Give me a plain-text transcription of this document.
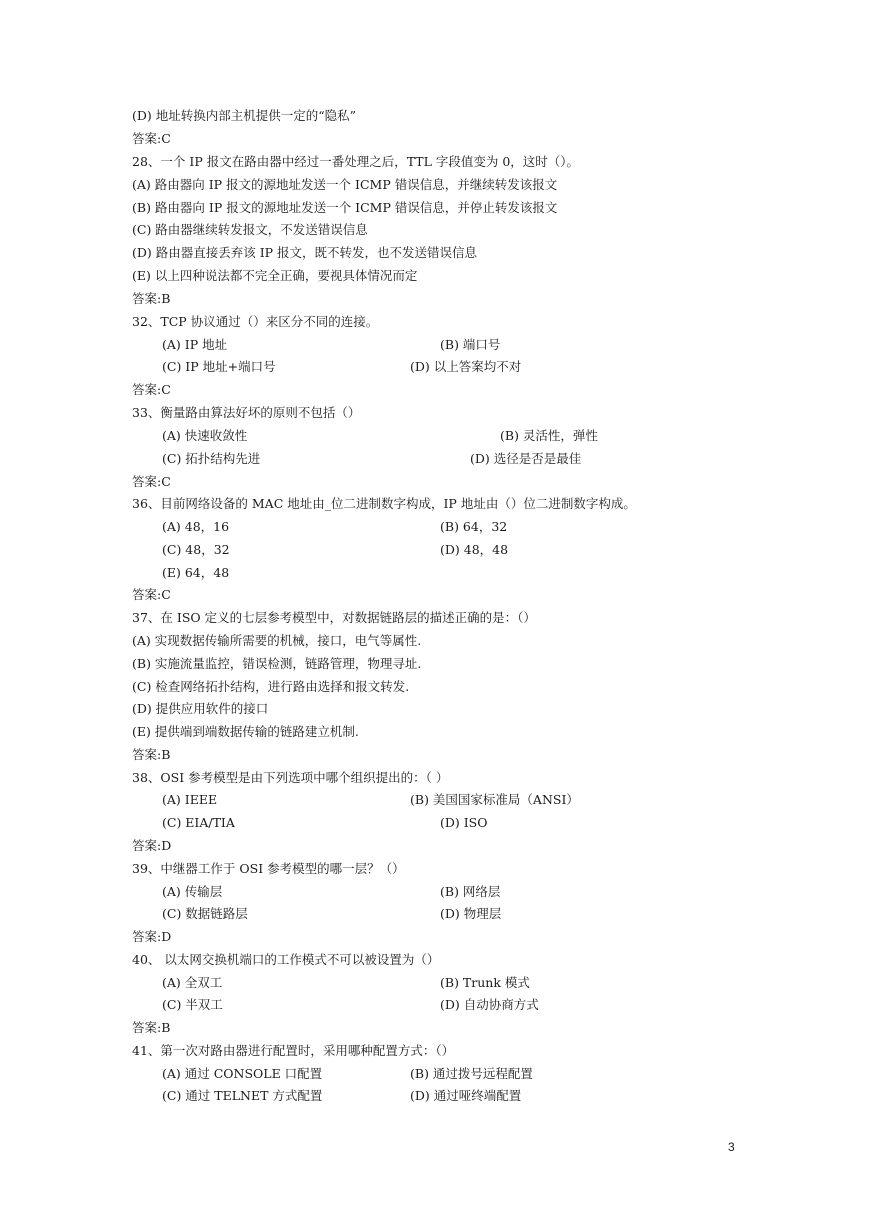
(D) 地址转换内部主机提供一定的“隐私”
答案:C
28、一个 IP 报文在路由器中经过一番处理之后，TTL 字段值变为 0，这时（）。
(A) 路由器向 IP 报文的源地址发送一个 ICMP 错误信息，并继续转发该报文
(B) 路由器向 IP 报文的源地址发送一个 ICMP 错误信息，并停止转发该报文
(C) 路由器继续转发报文，不发送错误信息
(D) 路由器直接丢弃该 IP 报文，既不转发，也不发送错误信息
(E) 以上四种说法都不完全正确，要视具体情况而定
答案:B
32、TCP 协议通过（）来区分不同的连接。
(A) IP 地址	(B) 端口号
(C) IP 地址+端口号	(D) 以上答案均不对
答案:C
33、衡量路由算法好坏的原则不包括（）
(A) 快速收敛性	(B) 灵活性，弹性
(C) 拓扑结构先进	(D) 选径是否是最佳
答案:C
36、目前网络设备的 MAC 地址由_位二进制数字构成，IP 地址由（）位二进制数字构成。
(A) 48，16	(B) 64，32
(C) 48，32	(D) 48，48
(E) 64，48
答案:C
37、在 ISO 定义的七层参考模型中，对数据链路层的描述正确的是：（）
(A) 实现数据传输所需要的机械，接口，电气等属性.
(B) 实施流量监控，错误检测，链路管理，物理寻址.
(C) 检查网络拓扑结构，进行路由选择和报文转发.
(D) 提供应用软件的接口
(E) 提供端到端数据传输的链路建立机制.
答案:B
38、OSI 参考模型是由下列选项中哪个组织提出的：（ ）
(A) IEEE	(B) 美国国家标准局（ANSI）
(C) EIA/TIA	(D) ISO
答案:D
39、中继器工作于 OSI 参考模型的哪一层？（）
(A) 传输层	(B) 网络层
(C) 数据链路层	(D) 物理层
答案:D
40、 以太网交换机端口的工作模式不可以被设置为（）
(A) 全双工	(B) Trunk 模式
(C) 半双工	(D) 自动协商方式
答案:B
41、第一次对路由器进行配置时，采用哪种配置方式：（）
(A) 通过 CONSOLE 口配置	(B) 通过拨号远程配置
(C) 通过 TELNET 方式配置	(D) 通过哑终端配置
3
